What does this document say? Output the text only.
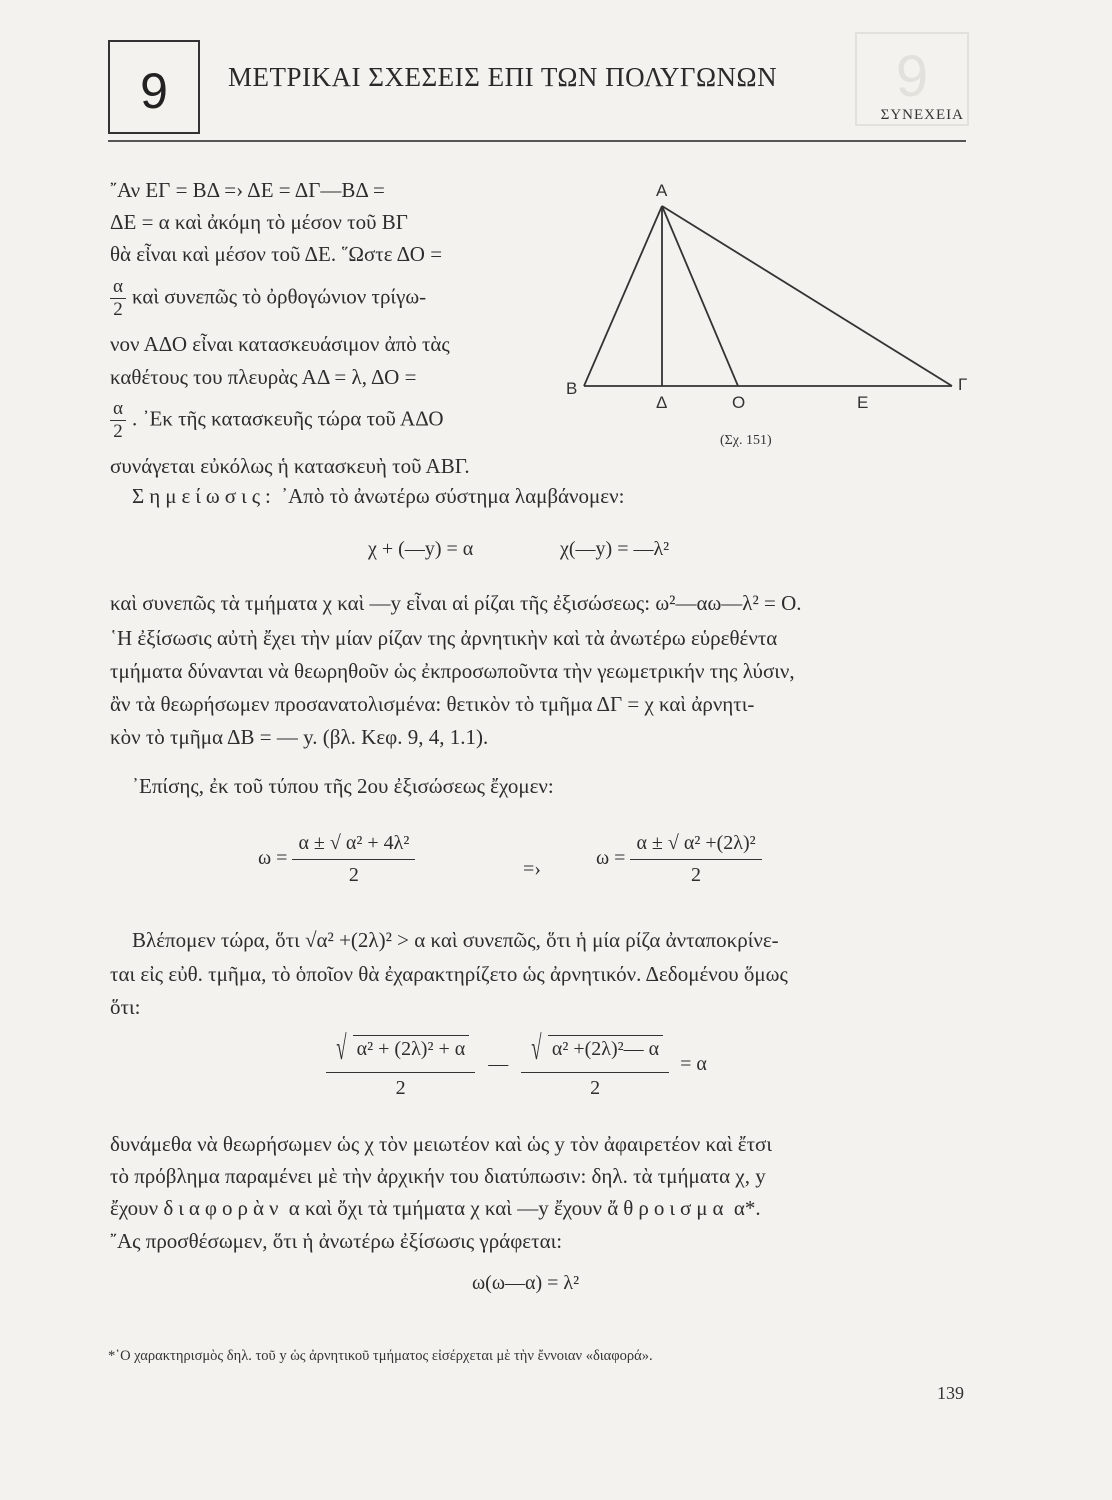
9
9	ΜΕΤΡΙΚΑΙ ΣΧΕΣΕΙΣ ΕΠΙ ΤΩΝ ΠΟΛΥΓΩΝΩΝ
ΣΥΝΕΧΕΙΑ
῎Αν ΕΓ = ΒΔ =› ΔΕ = ΔΓ—ΒΔ =
ΔΕ = α καὶ ἀκόμη τὸ μέσον τοῦ ΒΓ
θὰ εἶναι καὶ μέσον τοῦ ΔΕ. ῞Ωστε ΔΟ =
$\frac{\alpha}{2}$ καὶ συνεπῶς τὸ ὀρθογώνιον τρίγω-
νον ΑΔΟ εἶναι κατασκευάσιμον ἀπὸ τὰς
καθέτους του πλευρὰς ΑΔ = λ, ΔΟ =
$\frac{\alpha}{2}$ . ᾿Εκ τῆς κατασκευῆς τώρα τοῦ ΑΔΟ
συνάγεται εὐκόλως ἡ κατασκευὴ τοῦ ΑΒΓ.
Σημείωσις: ᾿Απὸ τὸ ἀνωτέρω σύστημα λαμβάνομεν:
χ + (—y) = α	χ(—y) = —λ²
καὶ συνεπῶς τὰ τμήματα χ καὶ —y εἶναι αἱ ρίζαι τῆς ἐξισώσεως: ω²—αω—λ² = Ο.
῾Η ἐξίσωσις αὐτὴ ἔχει τὴν μίαν ρίζαν της ἀρνητικὴν καὶ τὰ ἀνωτέρω εὑρεθέντα
τμήματα δύνανται νὰ θεωρηθοῦν ὡς ἐκπροσωποῦντα τὴν γεωμετρικήν της λύσιν,
ἂν τὰ θεωρήσωμεν προσανατολισμένα: θετικὸν τὸ τμῆμα ΔΓ = χ καὶ ἀρνητι-
κὸν τὸ τμῆμα ΔΒ = — y. (βλ. Κεφ. 9, 4, 1.1).
᾿Επίσης, ἐκ τοῦ τύπου τῆς 2ου ἐξισώσεως ἔχομεν:
$\omega = \frac{\text{α ± √ α² + 4λ²}}{2}$	=›	$\omega = \frac{\text{α ± √ α² +(2λ)²}}{2}$
Βλέπομεν τώρα, ὅτι √α² +(2λ)² > α καὶ συνεπῶς, ὅτι ἡ μία ρίζα ἀνταποκρίνε-
ται εἰς εὐθ. τμῆμα, τὸ ὁποῖον θὰ ἐχαρακτηρίζετο ὡς ἀρνητικόν. Δεδομένου ὅμως
ὅτι:
$\frac{\text{√ α² + (2λ)² + α}}{2}$ — $\frac{\text{√ α² +(2λ)²— α}}{2} = \alpha$
δυνάμεθα νὰ θεωρήσωμεν ὡς χ τὸν μειωτέον καὶ ὡς y τὸν ἀφαιρετέον καὶ ἔτσι
τὸ πρόβλημα παραμένει μὲ τὴν ἀρχικήν του διατύπωσιν: δηλ. τὰ τμήματα χ, y
ἔχουν διαφορὰν α καὶ ὄχι τὰ τμήματα χ καὶ —y ἔχουν ἄθροισμα α*.
῎Ας προσθέσωμεν, ὅτι ἡ ἀνωτέρω ἐξίσωσις γράφεται:
ω(ω—α) = λ²
A
B
Δ	O	E
Γ
(Σχ. 151)
*῾Ο χαρακτηρισμὸς δηλ. τοῦ y ὡς ἀρνητικοῦ τμήματος εἰσέρχεται μὲ τὴν ἔννοιαν «διαφορά».
139
